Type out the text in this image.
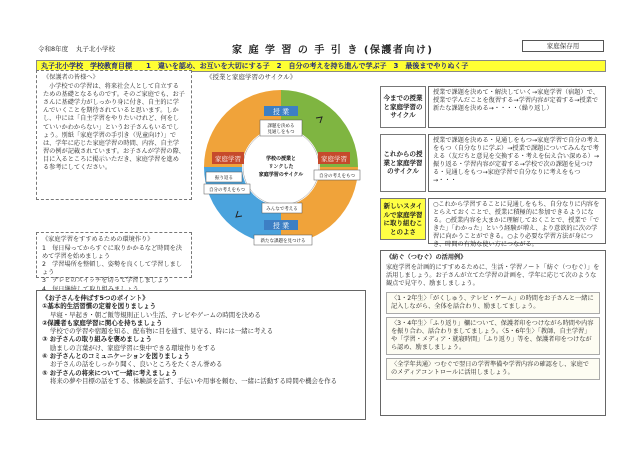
令和8年度 丸子北小学校	家 庭 学 習 の 手 引 き (保護者向け)	家庭保存用
丸子北小学校　学校教育目標　　1　違いを認め、お互いを大切にする子　2　自分の考えを持ち進んで学ぶ子　3　最後までやりぬく子
《保護者の皆様へ》
小学校での学習は、将来社会人として自立するための基礎となるものです。そのご家庭でも、お子さんに基礎学力がしっかり身に付き、自主的に学んでいくことを期待されていると思います。しかし、中には「自主学習をやりたいけれど、何をしていいかわからない」というお子さんもいるでしょう。別紙「家庭学習の手引き（児童向け）」では、学年に応じた家庭学習の時間、内容、自主学習の例が記載されています。お子さんが学習の際、目に入るところに掲示いただき、家庭学習を進める参考にしてください。
《授業と家庭学習のサイクル》
授 業
授 業
家庭学習	家庭学習
課題を決める
見通しをもつ
振り返る
自分の考えをもつ
自分の考えをもつ
みんなで考える
新たな課題を見つける
学校の授業と
リンクした
家庭学習のサイクル
《家庭学習をすすめるための環境作り》
1　毎日帰ってからすぐに取りかかるなど時間を決めて学習を始めましょう
2　学習場所を整頓し、姿勢を良くして学習しましょう
3　テレビのスイッチを切って学習しましょう
《お子さんを伸ばす5つのポイント》
①基本的生活習慣の定着を図りましょう
早寝・早起き・朝ご飯等規則正しい生活、テレビやゲームの時間を決める
②保護者も家庭学習に関心を持ちましょう
学校での学習や宿題を知る、配布物に目を通す、見守る、時には一緒に考える
③ お子さんの取り組みを褒めましょう
励ましの言葉がけ、家庭学習に集中できる環境作りをする
④ お子さんとのコミュニケーションを図りましょう
お子さんの話をしっかり聞く、良いところをたくさん誉める
⑤ お子さんの将来について一緒に考えましょう
将来の夢や目標の話をする、体験談を話す、手伝いや用事を頼む、一緒に活動する時間や機会を作る
今までの授業と家庭学習のサイクル
授業で課題を決めて・解決していく→家庭学習（宿題）で、授業で学んだことを復習する→学習内容が定着する→授業で新たな課題を決める→・・・・（繰り返し）
これからの授業と家庭学習のサイクル
授業で課題を決める・見通しをもつ→家庭学習で自分の考えをもつ（自分なりに学ぶ）→授業で課題についてみんなで考える（友だちと意見を交換する・考えを伝え合い深める）→振り返る・学習内容が定着する→学校で次の課題を見つける・見通しをもつ→家庭学習で自分なりに考えをもつ→・・・
新しいスタイルで家庭学習に取り組むことのよさ
○これから学習することに見通しをもち、自分なりに内容をとらえておくことで、授業に積極的に参加できるようになる。○授業内容を大まかに理解しておくことで、授業で「できた」「わかった」という経験が増え、より意欲的に次の学習に向かうことができる。○より必要な学習方法が身につき、時間の有効な使い方につながる。
《紡ぐ（つむぐ）の活用例》
家庭学習を計画的にすすめるために、生活・学習ノート「紡ぐ（つむぐ）」を活用しましょう。お子さんが立てた学習の計画を、学年に応じて次のような観点で見守り、励ましましょう。
〈1・2年生〉「がくしゅう、テレビ・ゲーム」の時間をお子さんと一緒に記入しながら、全体を話合わり、励ましてましょう。
〈3・4年生〉「ふり返り」欄について、保護者印をつけながら時間や内容を振り合わ、話合わりましてましょう。〈5・6年生〉「教師、自主学習」や「学習・メディア・就寝時間」「ふり返り」等を、保護者印をつけながら認め、励ましましょう。
〈全学年共通〉つむぐで翌日の学習準備や学習内容の確認をし、家庭でのメディアコントロールに活用しましょう。
